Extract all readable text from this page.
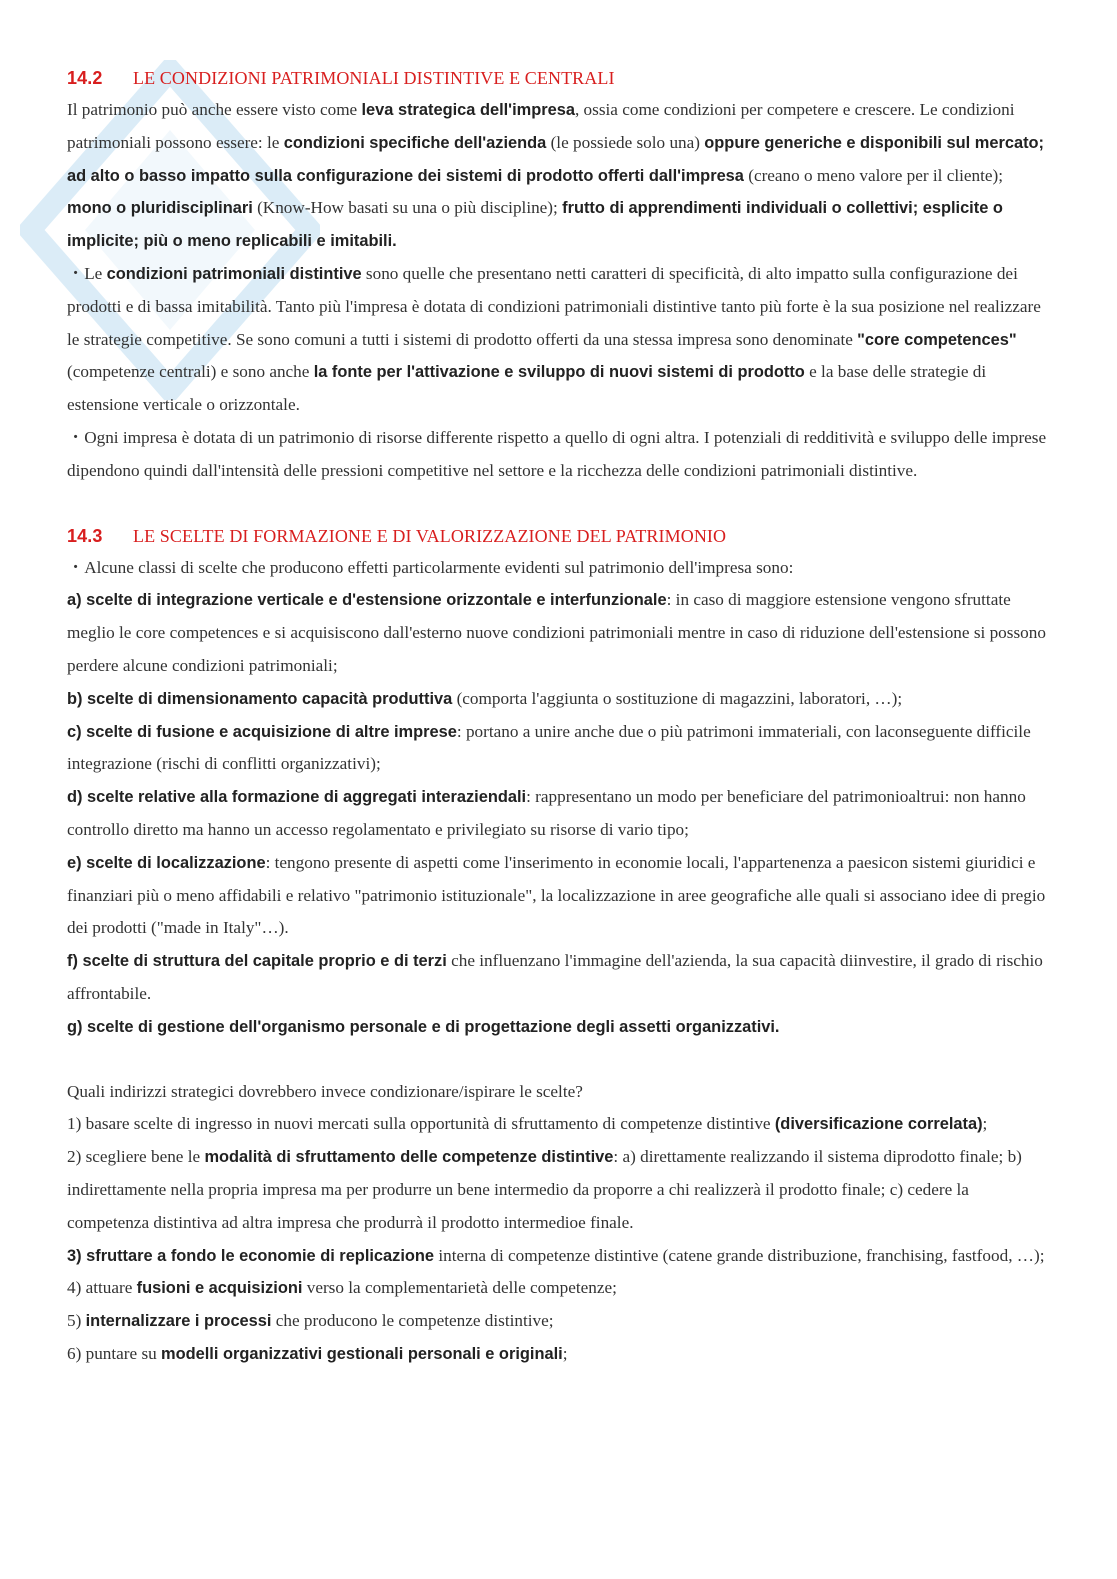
14.2 LE CONDIZIONI PATRIMONIALI DISTINTIVE E CENTRALI

Il patrimonio può anche essere visto come leva strategica dell'impresa, ossia come condizioni per competere e crescere. Le condizioni patrimoniali possono essere: le condizioni specifiche dell'azienda (le possiede solo una) oppure generiche e disponibili sul mercato; ad alto o basso impatto sulla configurazione dei sistemi di prodotto offerti dall'impresa (creano o meno valore per il cliente); mono o pluridisciplinari (Know-How basati su una o più discipline); frutto di apprendimenti individuali o collettivi; esplicite o implicite; più o meno replicabili e imitabili.

・Le condizioni patrimoniali distintive sono quelle che presentano netti caratteri di specificità, di alto impatto sulla configurazione dei prodotti e di bassa imitabilità. Tanto più l'impresa è dotata di condizioni patrimoniali distintive tanto più forte è la sua posizione nel realizzare le strategie competitive. Se sono comuni a tutti i sistemi di prodotto offerti da una stessa impresa sono denominate "core competences" (competenze centrali) e sono anche la fonte per l'attivazione e sviluppo di nuovi sistemi di prodotto e la base delle strategie di estensione verticale o orizzontale.

・Ogni impresa è dotata di un patrimonio di risorse differente rispetto a quello di ogni altra. I potenziali di redditività e sviluppo delle imprese dipendono quindi dall'intensità delle pressioni competitive nel settore e la ricchezza delle condizioni patrimoniali distintive.

14.3 LE SCELTE DI FORMAZIONE E DI VALORIZZAZIONE DEL PATRIMONIO

・Alcune classi di scelte che producono effetti particolarmente evidenti sul patrimonio dell'impresa sono:

a) scelte di integrazione verticale e d'estensione orizzontale e interfunzionale: in caso di maggiore estensione vengono sfruttate meglio le core competences e si acquisiscono dall'esterno nuove condizioni patrimoniali mentre in caso di riduzione dell'estensione si possono perdere alcune condizioni patrimoniali;

b) scelte di dimensionamento capacità produttiva (comporta l'aggiunta o sostituzione di magazzini, laboratori, …);

c) scelte di fusione e acquisizione di altre imprese: portano a unire anche due o più patrimoni immateriali, con laconseguente difficile integrazione (rischi di conflitti organizzativi);

d) scelte relative alla formazione di aggregati interaziendali: rappresentano un modo per beneficiare del patrimonioaltrui: non hanno controllo diretto ma hanno un accesso regolamentato e privilegiato su risorse di vario tipo;

e) scelte di localizzazione: tengono presente di aspetti come l'inserimento in economie locali, l'appartenenza a paesicon sistemi giuridici e finanziari più o meno affidabili e relativo "patrimonio istituzionale", la localizzazione in aree geografiche alle quali si associano idee di pregio dei prodotti ("made in Italy"…).

f) scelte di struttura del capitale proprio e di terzi che influenzano l'immagine dell'azienda, la sua capacità diinvestire, il grado di rischio affrontabile.

g) scelte di gestione dell'organismo personale e di progettazione degli assetti organizzativi.

Quali indirizzi strategici dovrebbero invece condizionare/ispirare le scelte?

1) basare scelte di ingresso in nuovi mercati sulla opportunità di sfruttamento di competenze distintive (diversificazione correlata);

2) scegliere bene le modalità di sfruttamento delle competenze distintive: a) direttamente realizzando il sistema diprodotto finale; b) indirettamente nella propria impresa ma per produrre un bene intermedio da proporre a chi realizzerà il prodotto finale; c) cedere la competenza distintiva ad altra impresa che produrrà il prodotto intermedioe finale.

3) sfruttare a fondo le economie di replicazione interna di competenze distintive (catene grande distribuzione, franchising, fastfood, …);

4) attuare fusioni e acquisizioni verso la complementarietà delle competenze;

5) internalizzare i processi che producono le competenze distintive;

6) puntare su modelli organizzativi gestionali personali e originali;
